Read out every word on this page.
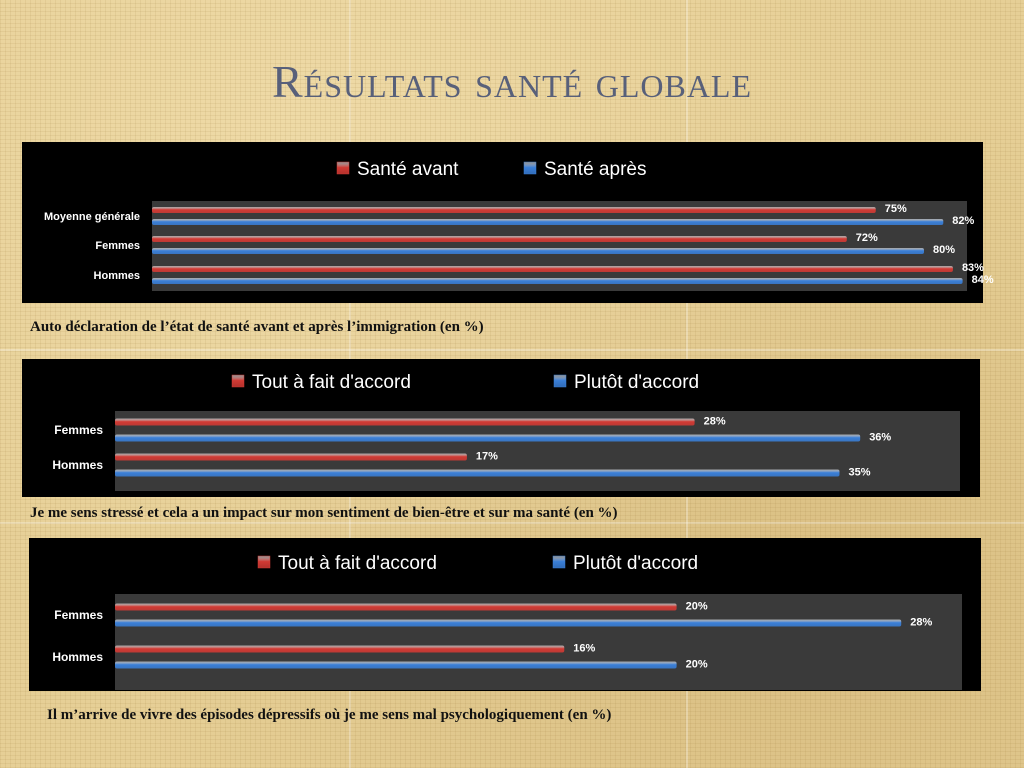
Résultats santé globale
Santé avant	Santé après
Moyenne générale
75%
82%
Femmes
72%
80%
Hommes
83%
84%
Auto déclaration de l’état de santé avant et après l’immigration (en %)
Tout à fait d'accord	Plutôt d'accord
Femmes
28%
36%
Hommes
17%
35%
Je me sens stressé et cela a un impact sur mon sentiment de bien-être et sur ma santé (en %)
Tout à fait d'accord	Plutôt d'accord
Femmes
20%
28%
Hommes
16%
20%
Il m’arrive de vivre des épisodes dépressifs où je me sens mal psychologiquement (en %)
